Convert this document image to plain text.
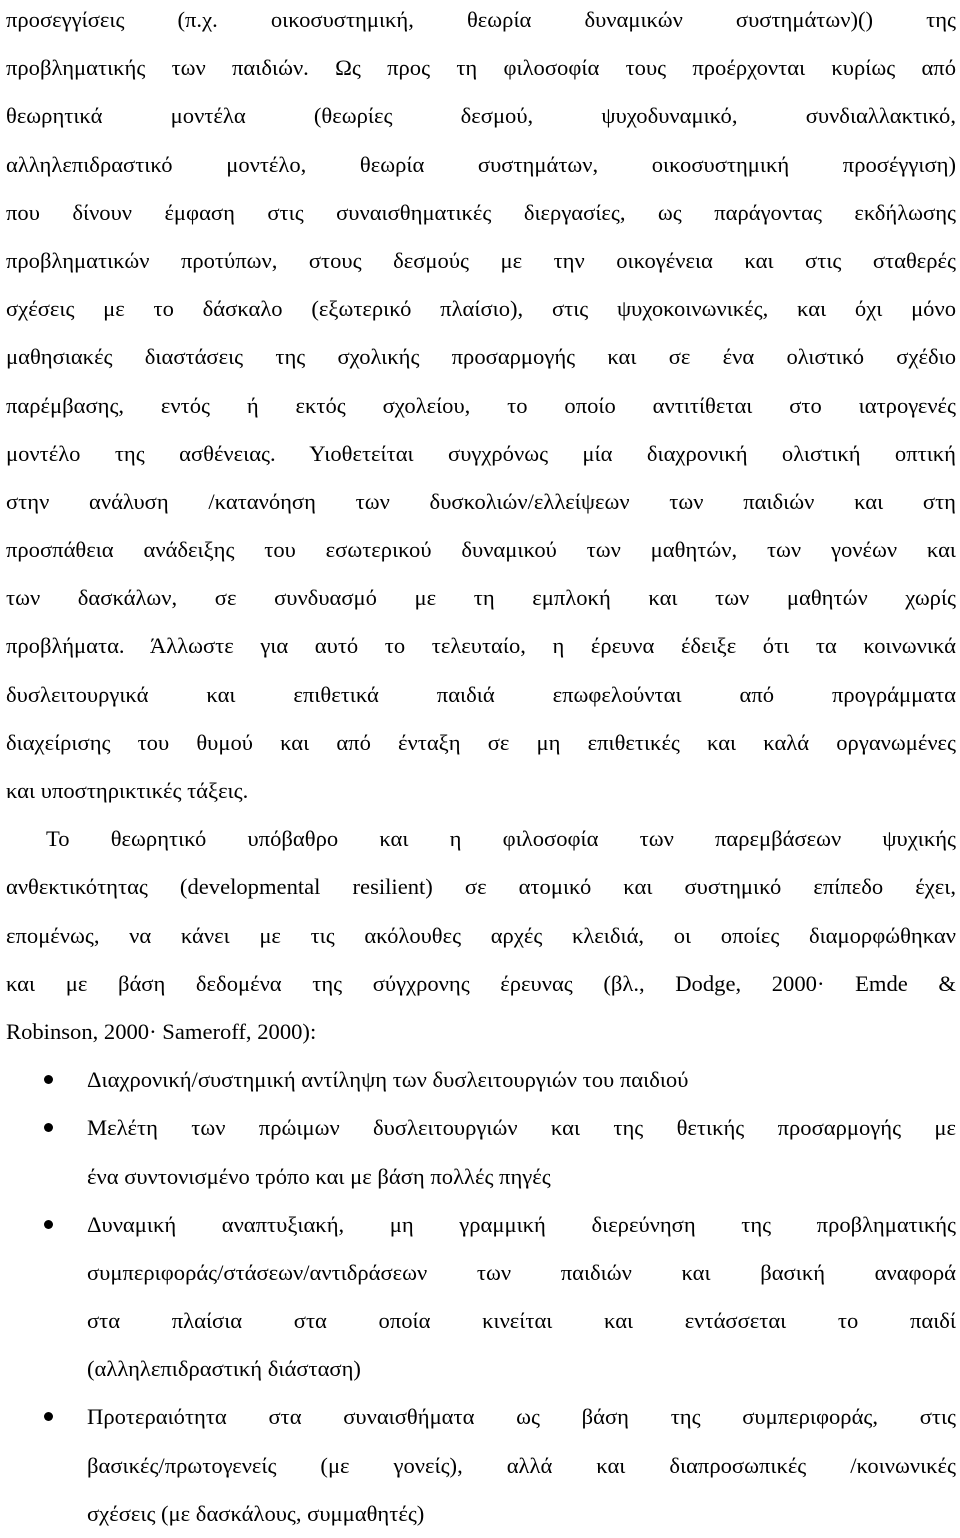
προσεγγίσεις (π.χ. οικοσυστημική, θεωρία δυναμικών συστημάτων)() της
προβληματικής των παιδιών. Ως προς τη φιλοσοφία τους προέρχονται κυρίως από
θεωρητικά μοντέλα (θεωρίες δεσμού, ψυχοδυναμικό, συνδιαλλακτικό,
αλληλεπιδραστικό μοντέλο, θεωρία συστημάτων, οικοσυστημική προσέγγιση)
που δίνουν έμφαση στις συναισθηματικές διεργασίες, ως παράγοντας εκδήλωσης
προβληματικών προτύπων, στους δεσμούς με την οικογένεια και στις σταθερές
σχέσεις με το δάσκαλο (εξωτερικό πλαίσιο), στις ψυχοκοινωνικές, και όχι μόνο
μαθησιακές διαστάσεις της σχολικής προσαρμογής και σε ένα ολιστικό σχέδιο
παρέμβασης, εντός ή εκτός σχολείου, το οποίο αντιτίθεται στο ιατρογενές
μοντέλο της ασθένειας. Υιοθετείται συγχρόνως μία διαχρονική ολιστική οπτική
στην ανάλυση /κατανόηση των δυσκολιών/ελλείψεων των παιδιών και στη
προσπάθεια ανάδειξης του εσωτερικού δυναμικού των μαθητών, των γονέων και
των δασκάλων, σε συνδυασμό με τη εμπλοκή και των μαθητών χωρίς
προβλήματα. Άλλωστε για αυτό το τελευταίο, η έρευνα έδειξε ότι τα κοινωνικά
δυσλειτουργικά και επιθετικά παιδιά επωφελούνται από προγράμματα
διαχείρισης του θυμού και από ένταξη σε μη επιθετικές και καλά οργανωμένες
και υποστηρικτικές τάξεις.
Το θεωρητικό υπόβαθρο και η φιλοσοφία των παρεμβάσεων ψυχικής
ανθεκτικότητας (developmental resilient) σε ατομικό και συστημικό επίπεδο έχει,
επομένως, να κάνει με τις ακόλουθες αρχές κλειδιά, οι οποίες διαμορφώθηκαν
και με βάση δεδομένα της σύγχρονης έρευνας (βλ., Dodge, 2000· Emde &
Robinson, 2000· Sameroff, 2000):
Διαχρονική/συστημική αντίληψη των δυσλειτουργιών του παιδιού
Μελέτη των πρώιμων δυσλειτουργιών και της θετικής προσαρμογής με
ένα συντονισμένο τρόπο και με βάση πολλές πηγές
Δυναμική αναπτυξιακή, μη γραμμική διερεύνηση της προβληματικής
συμπεριφοράς/στάσεων/αντιδράσεων των παιδιών και βασική αναφορά
στα πλαίσια στα οποία κινείται και εντάσσεται το παιδί
(αλληλεπιδραστική διάσταση)
Προτεραιότητα στα συναισθήματα ως βάση της συμπεριφοράς, στις
βασικές/πρωτογενείς (με γονείς), αλλά και διαπροσωπικές /κοινωνικές
σχέσεις (με δασκάλους, συμμαθητές)
